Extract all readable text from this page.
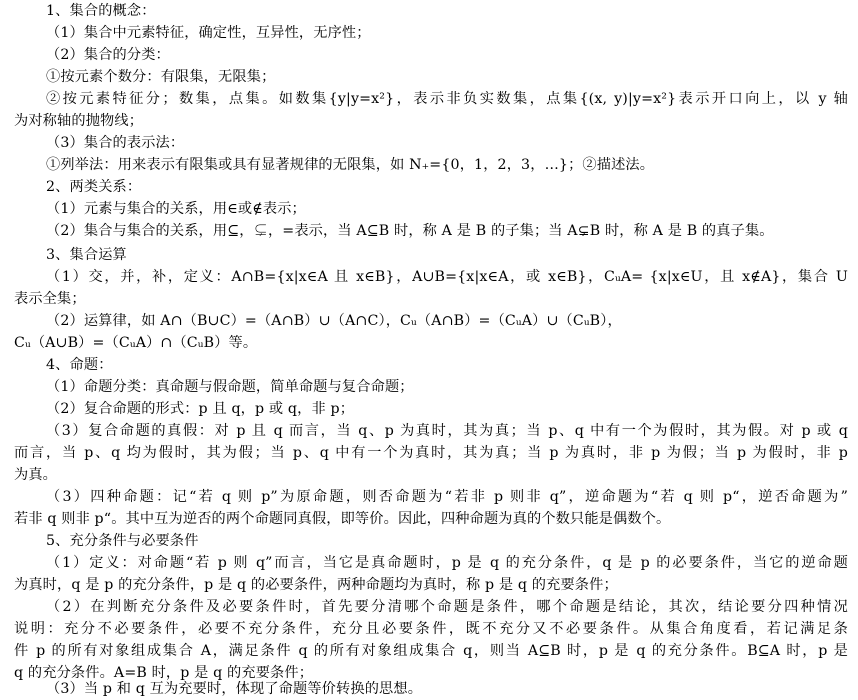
1、集合的概念：
（1）集合中元素特征，确定性，互异性，无序性；
（2）集合的分类：
①按元素个数分：有限集，无限集；
②按元素特征分；数集，点集。如数集{y|y=x²}，表示非负实数集，点集{(x, y)|y=x²}表示开口向上，以 y 轴
为对称轴的抛物线；
（3）集合的表示法：
①列举法：用来表示有限集或具有显著规律的无限集，如 N₊={0，1，2，3，…}；②描述法。
2、两类关系：
（1）元素与集合的关系，用∈或∉表示；
（2）集合与集合的关系，用⊆，⊊，=表示，当 A⊆B 时，称 A 是 B 的子集；当 A⊊B 时，称 A 是 B 的真子集。
3、集合运算
（1）交，并，补，定义：A∩B={x|x∈A 且 x∈B}，A∪B={x|x∈A，或 x∈B}，CᵤA= {x|x∈U，且 x∉A}，集合 U
表示全集；
（2）运算律，如 A∩（B∪C）=（A∩B）∪（A∩C），Cᵤ（A∩B）=（CᵤA）∪（CᵤB），
Cᵤ（A∪B）=（CᵤA）∩（CᵤB）等。
4、命题：
（1）命题分类：真命题与假命题，简单命题与复合命题；
（2）复合命题的形式：p 且 q，p 或 q，非 p；
（3）复合命题的真假：对 p 且 q 而言，当 q、p 为真时，其为真；当 p、q 中有一个为假时，其为假。对 p 或 q
而言，当 p、q 均为假时，其为假；当 p、q 中有一个为真时，其为真；当 p 为真时，非 p 为假；当 p 为假时，非 p
为真。
（3）四种命题：记“若 q 则 p”为原命题，则否命题为“若非 p 则非 q”，逆命题为“若 q 则 p“，逆否命题为”
若非 q 则非 p“。其中互为逆否的两个命题同真假，即等价。因此，四种命题为真的个数只能是偶数个。
5、充分条件与必要条件
（1）定义：对命题“若 p 则 q”而言，当它是真命题时，p 是 q 的充分条件，q 是 p 的必要条件，当它的逆命题
为真时，q 是 p 的充分条件，p 是 q 的必要条件，两种命题均为真时，称 p 是 q 的充要条件；
（2）在判断充分条件及必要条件时，首先要分清哪个命题是条件，哪个命题是结论，其次，结论要分四种情况
说明：充分不必要条件，必要不充分条件，充分且必要条件，既不充分又不必要条件。从集合角度看，若记满足条
件 p 的所有对象组成集合 A，满足条件 q 的所有对象组成集合 q，则当 A⊆B 时，p 是 q 的充分条件。B⊆A 时，p 是
q 的充分条件。A=B 时，p 是 q 的充要条件；
（3）当 p 和 q 互为充要时，体现了命题等价转换的思想。
